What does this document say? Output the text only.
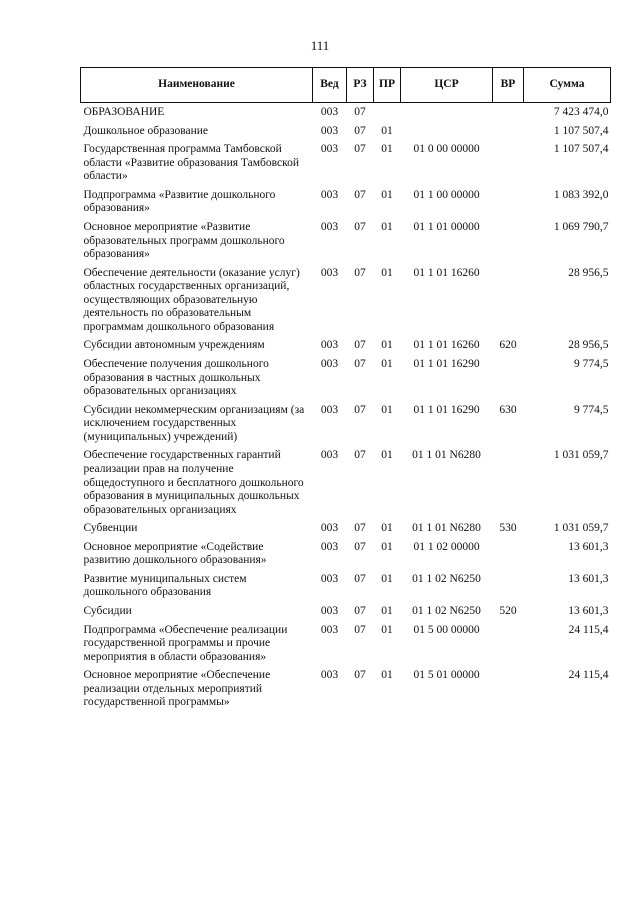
111
Наименование	Вед	РЗ	ПР	ЦСР	ВР	Сумма
ОБРАЗОВАНИЕ	003	07				7 423 474,0
Дошкольное образование	003	07	01			1 107 507,4
Государственная программа Тамбовской области «Развитие образования Тамбовской области»	003	07	01	01 0 00 00000		1 107 507,4
Подпрограмма «Развитие дошкольного образования»	003	07	01	01 1 00 00000		1 083 392,0
Основное мероприятие «Развитие образовательных программ дошкольного образования»	003	07	01	01 1 01 00000		1 069 790,7
Обеспечение деятельности (оказание услуг) областных государственных организаций, осуществляющих образовательную деятельность по образовательным программам дошкольного образования	003	07	01	01 1 01 16260		28 956,5
Субсидии автономным учреждениям	003	07	01	01 1 01 16260	620	28 956,5
Обеспечение получения дошкольного образования в частных дошкольных образовательных организациях	003	07	01	01 1 01 16290		9 774,5
Субсидии некоммерческим организациям (за исключением государственных (муниципальных) учреждений)	003	07	01	01 1 01 16290	630	9 774,5
Обеспечение государственных гарантий реализации прав на получение общедоступного и бесплатного дошкольного образования в муниципальных дошкольных образовательных организациях	003	07	01	01 1 01 N6280		1 031 059,7
Субвенции	003	07	01	01 1 01 N6280	530	1 031 059,7
Основное мероприятие «Содействие развитию дошкольного образования»	003	07	01	01 1 02 00000		13 601,3
Развитие муниципальных систем дошкольного образования	003	07	01	01 1 02 N6250		13 601,3
Субсидии	003	07	01	01 1 02 N6250	520	13 601,3
Подпрограмма «Обеспечение реализации государственной программы и прочие мероприятия в области образования»	003	07	01	01 5 00 00000		24 115,4
Основное мероприятие «Обеспечение реализации отдельных мероприятий государственной программы»	003	07	01	01 5 01 00000		24 115,4
